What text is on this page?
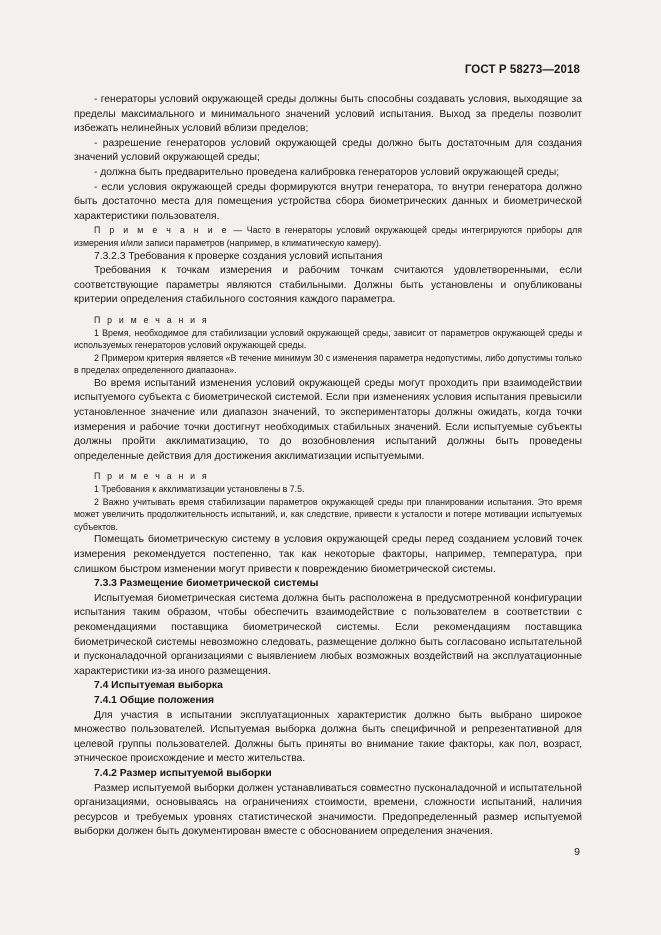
ГОСТ Р 58273—2018

- генераторы условий окружающей среды должны быть способны создавать условия, выходящие за пределы максимального и минимального значений условий испытания. Выход за пределы позволит избежать нелинейных условий вблизи пределов;

- разрешение генераторов условий окружающей среды должно быть достаточным для создания значений условий окружающей среды;

- должна быть предварительно проведена калибровка генераторов условий окружающей среды;

- если условия окружающей среды формируются внутри генератора, то внутри генератора должно быть достаточно места для помещения устройства сбора биометрических данных и биометрической характеристики пользователя.

П р и м е ч а н и е — Часто в генераторы условий окружающей среды интегрируются приборы для измерения и/или записи параметров (например, в климатическую камеру).

7.3.2.3 Требования к проверке создания условий испытания

Требования к точкам измерения и рабочим точкам считаются удовлетворенными, если соответствующие параметры являются стабильными. Должны быть установлены и опубликованы критерии определения стабильного состояния каждого параметра.

П р и м е ч а н и я

1 Время, необходимое для стабилизации условий окружающей среды, зависит от параметров окружающей среды и используемых генераторов условий окружающей среды.

2 Примером критерия является «В течение минимум 30 с изменения параметра недопустимы, либо допустимы только в пределах определенного диапазона».

Во время испытаний изменения условий окружающей среды могут проходить при взаимодействии испытуемого субъекта с биометрической системой. Если при изменениях условия испытания превысили установленное значение или диапазон значений, то экспериментаторы должны ожидать, когда точки измерения и рабочие точки достигнут необходимых стабильных значений. Если испытуемые субъекты должны пройти акклиматизацию, то до возобновления испытаний должны быть проведены определенные действия для достижения акклиматизации испытуемыми.

П р и м е ч а н и я

1 Требования к акклиматизации установлены в 7.5.

2 Важно учитывать время стабилизации параметров окружающей среды при планировании испытания. Это время может увеличить продолжительность испытаний, и, как следствие, привести к усталости и потере мотивации испытуемых субъектов.

Помещать биометрическую систему в условия окружающей среды перед созданием условий точек измерения рекомендуется постепенно, так как некоторые факторы, например, температура, при слишком быстром изменении могут привести к повреждению биометрической системы.

7.3.3 Размещение биометрической системы

Испытуемая биометрическая система должна быть расположена в предусмотренной конфигурации испытания таким образом, чтобы обеспечить взаимодействие с пользователем в соответствии с рекомендациями поставщика биометрической системы. Если рекомендациям поставщика биометрической системы невозможно следовать, размещение должно быть согласовано испытательной и пусконаладочной организациями с выявлением любых возможных воздействий на эксплуатационные характеристики из-за иного размещения.

7.4 Испытуемая выборка

7.4.1 Общие положения

Для участия в испытании эксплуатационных характеристик должно быть выбрано широкое множество пользователей. Испытуемая выборка должна быть специфичной и репрезентативной для целевой группы пользователей. Должны быть приняты во внимание такие факторы, как пол, возраст, этническое происхождение и место жительства.

7.4.2 Размер испытуемой выборки

Размер испытуемой выборки должен устанавливаться совместно пусконаладочной и испытательной организациями, основываясь на ограничениях стоимости, времени, сложности испытаний, наличия ресурсов и требуемых уровнях статистической значимости. Предопределенный размер испытуемой выборки должен быть документирован вместе с обоснованием определения значения.

9
